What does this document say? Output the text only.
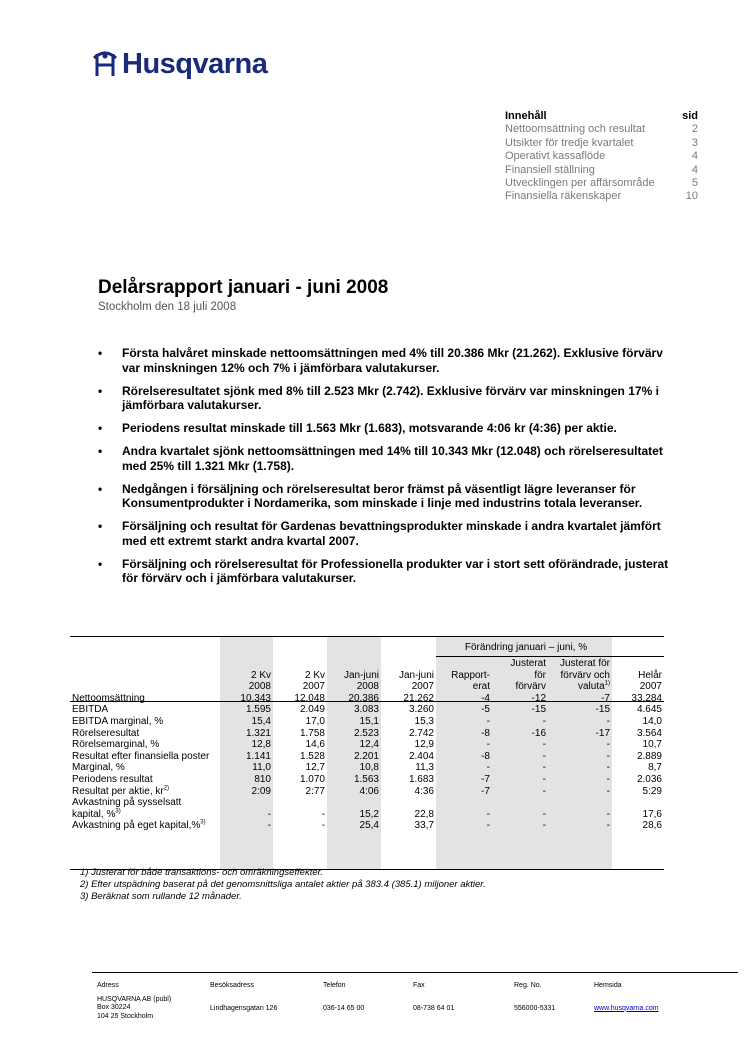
Husqvarna
Innehåll	sid
Nettoomsättning och resultat	2
Utsikter för tredje kvartalet	3
Operativt kassaflöde	4
Finansiell ställning	4
Utvecklingen per affärsområde	5
Finansiella räkenskaper	10
Delårsrapport januari - juni 2008
Stockholm den 18 juli 2008
• Första halvåret minskade nettoomsättningen med 4% till 20.386 Mkr (21.262). Exklusive förvärv var minskningen 12% och 7% i jämförbara valutakurser.
• Rörelseresultatet sjönk med 8% till 2.523 Mkr (2.742). Exklusive förvärv var minskningen 17% i jämförbara valutakurser.
• Periodens resultat minskade till 1.563 Mkr (1.683), motsvarande 4:06 kr (4:36) per aktie.
• Andra kvartalet sjönk nettoomsättningen med 14% till 10.343 Mkr (12.048) och rörelseresultatet med 25% till 1.321 Mkr (1.758).
• Nedgången i försäljning och rörelseresultat beror främst på väsentligt lägre leveranser för Konsumentprodukter i Nordamerika, som minskade i linje med industrins totala leveranser.
• Försäljning och resultat för Gardenas bevattningsprodukter minskade i andra kvartalet jämfört med ett extremt starkt andra kvartal 2007.
• Försäljning och rörelseresultat för Professionella produkter var i stort sett oförändrade, justerat för förvärv och i jämförbara valutakurser.
Förändring januari – juni, %
						Justerat	Justerat för	
	2 Kv	2 Kv	Jan-juni	Jan-juni	Rapport-	för	förvärv och	Helår
	2008	2007	2008	2007	erat	förvärv	valuta$^{1)}$	2007
Nettoomsättning	10.343	12.048	20.386	21.262	-4	-12	-7	33.284
EBITDA	1.595	2.049	3.083	3.260	-5	-15	-15	4.645
EBITDA marginal, %	15,4	17,0	15,1	15,3	-	-	-	14,0
Rörelseresultat	1.321	1.758	2.523	2.742	-8	-16	-17	3.564
Rörelsemarginal, %	12,8	14,6	12,4	12,9	-	-	-	10,7
Resultat efter finansiella poster	1.141	1.528	2.201	2.404	-8	-	-	2.889
Marginal, %	11,0	12,7	10,8	11,3	-	-	-	8,7
Periodens resultat	810	1.070	1.563	1.683	-7	-	-	2.036
Resultat per aktie, $kr^{2)}$	2:09	2:77	4:06	4:36	-7	-	-	5:29
Avkastning på sysselsatt								
kapital, %$^{3)}$	-	-	15,2	22,8	-	-	-	17,6
Avkastning på eget kapital,%$^{3)}$	-	-	25,4	33,7	-	-	-	28,6
1) Justerat för både transaktions- och omräkningseffekter.
2) Efter utspädning baserat på det genomsnittsliga antalet aktier på 383.4 (385.1) miljoner aktier.
3) Beräknat som rullande 12 månader.
Adress
HUSQVARNA AB (publ)
Box 30224
104 25 Stockholm
Besöksadress
Lindhagensgatan 126
Telefon
036-14 65 00
Fax
08-738 64 01
Reg. No.
556000-5331
Hemsida
www.husqvarna.com
